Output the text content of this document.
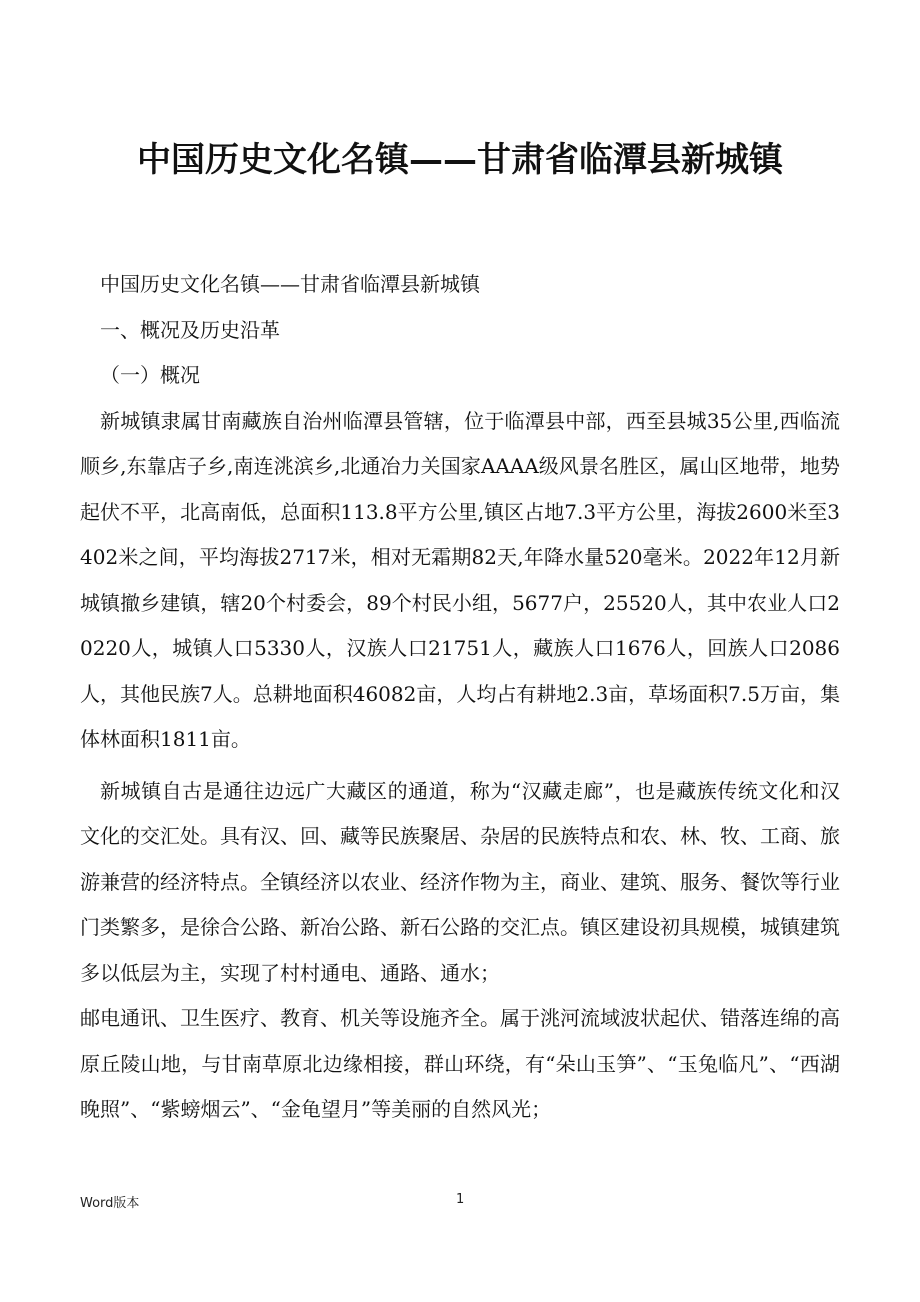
中国历史文化名镇——甘肃省临潭县新城镇

中国历史文化名镇——甘肃省临潭县新城镇

一、概况及历史沿革

（一）概况

新城镇隶属甘南藏族自治州临潭县管辖，位于临潭县中部，西至县城35公里,西临流顺乡,东靠店子乡,南连洮滨乡,北通冶力关国家AAAA级风景名胜区，属山区地带，地势起伏不平，北高南低，总面积113.8平方公里,镇区占地7.3平方公里，海拔2600米至3402米之间，平均海拔2717米，相对无霜期82天,年降水量520毫米。2022年12月新城镇撤乡建镇，辖20个村委会，89个村民小组，5677户，25520人，其中农业人口20220人，城镇人口5330人，汉族人口21751人，藏族人口1676人，回族人口2086人，其他民族7人。总耕地面积46082亩，人均占有耕地2.3亩，草场面积7.5万亩，集体林面积1811亩。

新城镇自古是通往边远广大藏区的通道，称为“汉藏走廊”，也是藏族传统文化和汉文化的交汇处。具有汉、回、藏等民族聚居、杂居的民族特点和农、林、牧、工商、旅游兼营的经济特点。全镇经济以农业、经济作物为主，商业、建筑、服务、餐饮等行业门类繁多，是徐合公路、新冶公路、新石公路的交汇点。镇区建设初具规模，城镇建筑多以低层为主，实现了村村通电、通路、通水；

邮电通讯、卫生医疗、教育、机关等设施齐全。属于洮河流域波状起伏、错落连绵的高原丘陵山地，与甘南草原北边缘相接，群山环绕，有“朵山玉笋”、“玉兔临凡”、“西湖晚照”、“紫螃烟云”、“金龟望月”等美丽的自然风光；

Word版本	1
